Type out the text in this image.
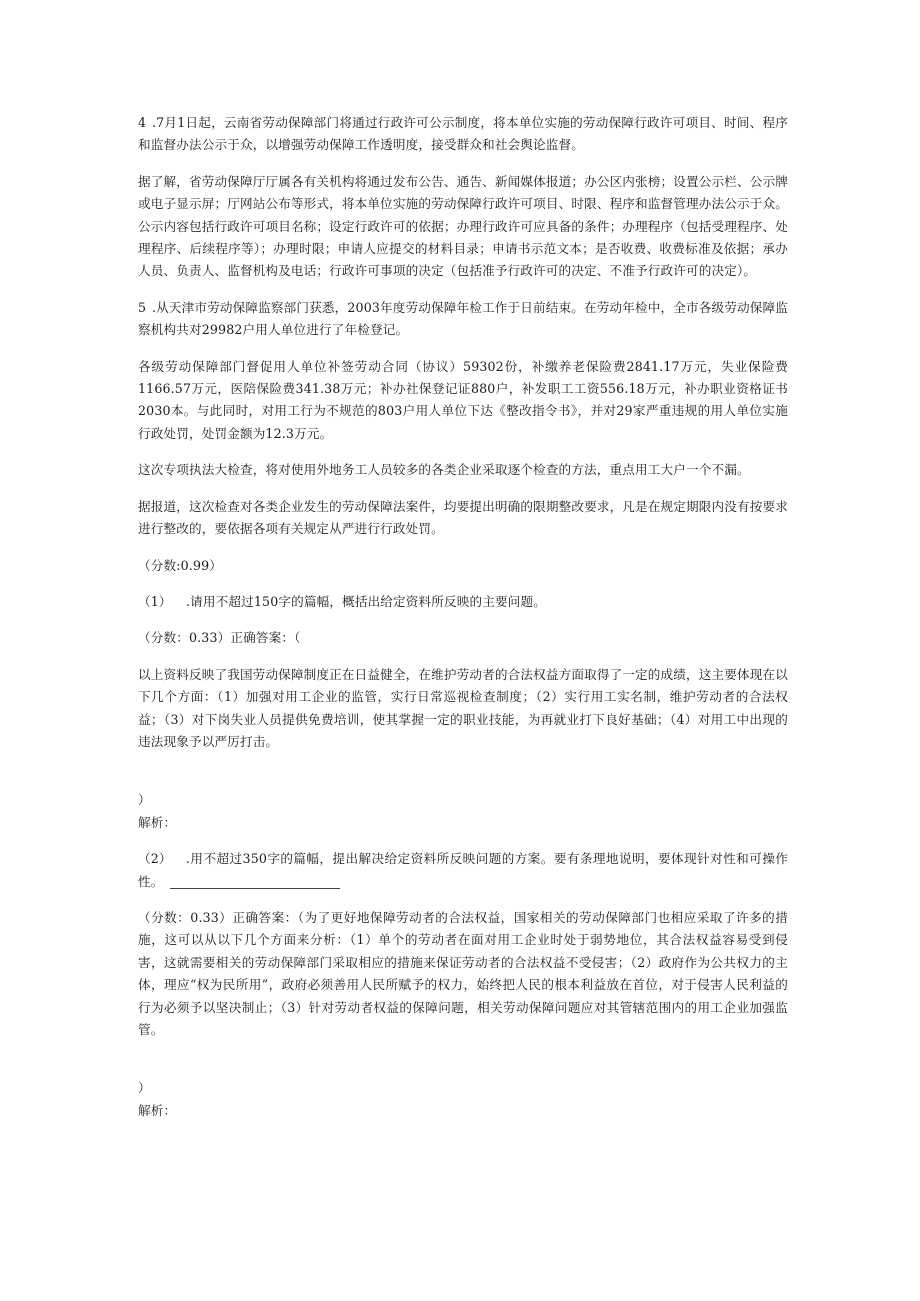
4 .7月1日起，云南省劳动保障部门将通过行政许可公示制度，将本单位实施的劳动保障行政许可项目、时间、程序和监督办法公示于众，以增强劳动保障工作透明度，接受群众和社会舆论监督。

据了解，省劳动保障厅厅属各有关机构将通过发布公告、通告、新闻媒体报道；办公区内张榜；设置公示栏、公示牌或电子显示屏；厅网站公布等形式，将本单位实施的劳动保障行政许可项目、时限、程序和监督管理办法公示于众。公示内容包括行政许可项目名称；设定行政许可的依据；办理行政许可应具备的条件；办理程序（包括受理程序、处理程序、后续程序等）；办理时限；申请人应提交的材料目录；申请书示范文本；是否收费、收费标准及依据；承办人员、负责人、监督机构及电话；行政许可事项的决定（包括准予行政许可的决定、不准予行政许可的决定）。

5 .从天津市劳动保障监察部门获悉，2003年度劳动保障年检工作于日前结束。在劳动年检中，全市各级劳动保障监察机构共对29982户用人单位进行了年检登记。

各级劳动保障部门督促用人单位补签劳动合同（协议）59302份，补缴养老保险费2841.17万元，失业保险费1166.57万元，医陪保险费341.38万元；补办社保登记证880户，补发职工工资556.18万元，补办职业资格证书2030本。与此同时，对用工行为不规范的803户用人单位下达《整改指令书》，并对29家严重违规的用人单位实施行政处罚，处罚金额为12.3万元。

这次专项执法大检查，将对使用外地务工人员较多的各类企业采取逐个检查的方法，重点用工大户一个不漏。

据报道，这次检查对各类企业发生的劳动保障法案件，均要提出明确的限期整改要求，凡是在规定期限内没有按要求进行整改的，要依据各项有关规定从严进行行政处罚。

（分数:0.99）

（1） .请用不超过150字的篇幅，概括出给定资料所反映的主要问题。

（分数：0.33）正确答案：（

以上资料反映了我国劳动保障制度正在日益健全，在维护劳动者的合法权益方面取得了一定的成绩，这主要体现在以下几个方面：（1）加强对用工企业的监管，实行日常巡视检查制度；（2）实行用工实名制，维护劳动者的合法权益；（3）对下岗失业人员提供免费培训，使其掌握一定的职业技能，为再就业打下良好基础；（4）对用工中出现的违法现象予以严厉打击。

）

解析：

（2） .用不超过350字的篇幅，提出解决给定资料所反映问题的方案。要有条理地说明，要体现针对性和可操作性。

（分数：0.33）正确答案：（为了更好地保障劳动者的合法权益，国家相关的劳动保障部门也相应采取了许多的措施，这可以从以下几个方面来分析：（1）单个的劳动者在面对用工企业时处于弱势地位，其合法权益容易受到侵害，这就需要相关的劳动保障部门采取相应的措施来保证劳动者的合法权益不受侵害；（2）政府作为公共权力的主体，理应“权为民所用”，政府必须善用人民所赋予的权力，始终把人民的根本利益放在首位，对于侵害人民利益的行为必须予以坚决制止；（3）针对劳动者权益的保障问题，相关劳动保障问题应对其管辖范围内的用工企业加强监管。

）

解析：
